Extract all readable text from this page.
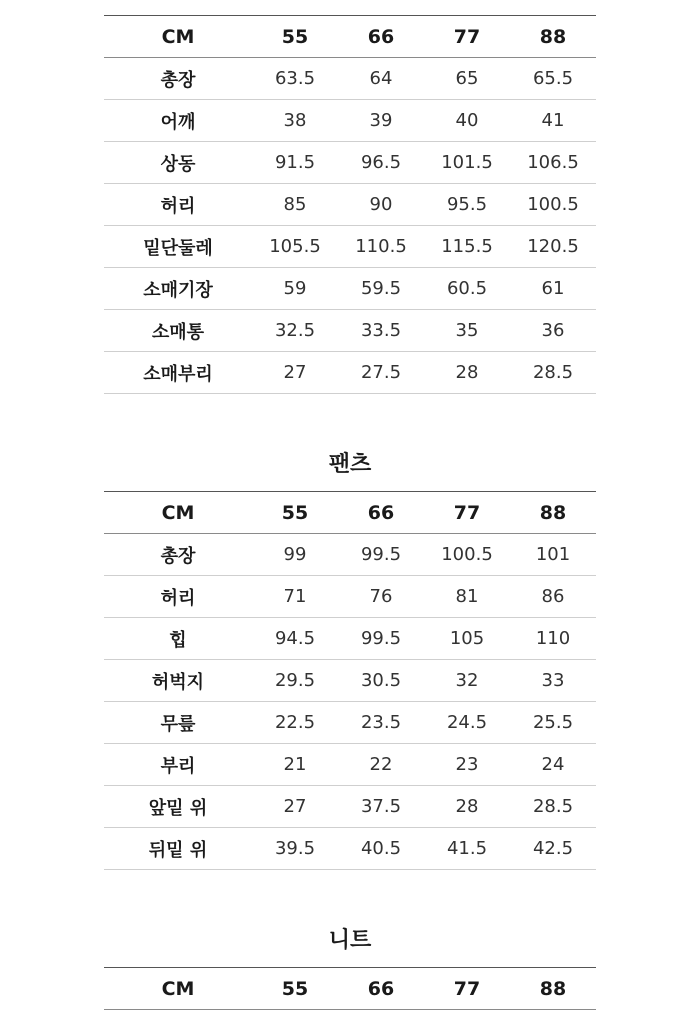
CM	55	66	77	88
총장	63.5	64	65	65.5
어깨	38	39	40	41
상동	91.5	96.5	101.5	106.5
허리	85	90	95.5	100.5
밑단둘레	105.5	110.5	115.5	120.5
소매기장	59	59.5	60.5	61
소매통	32.5	33.5	35	36
소매부리	27	27.5	28	28.5
팬츠
CM	55	66	77	88
총장	99	99.5	100.5	101
허리	71	76	81	86
힙	94.5	99.5	105	110
허벅지	29.5	30.5	32	33
무릎	22.5	23.5	24.5	25.5
부리	21	22	23	24
앞밑 위	27	37.5	28	28.5
뒤밑 위	39.5	40.5	41.5	42.5
니트
CM	55	66	77	88
